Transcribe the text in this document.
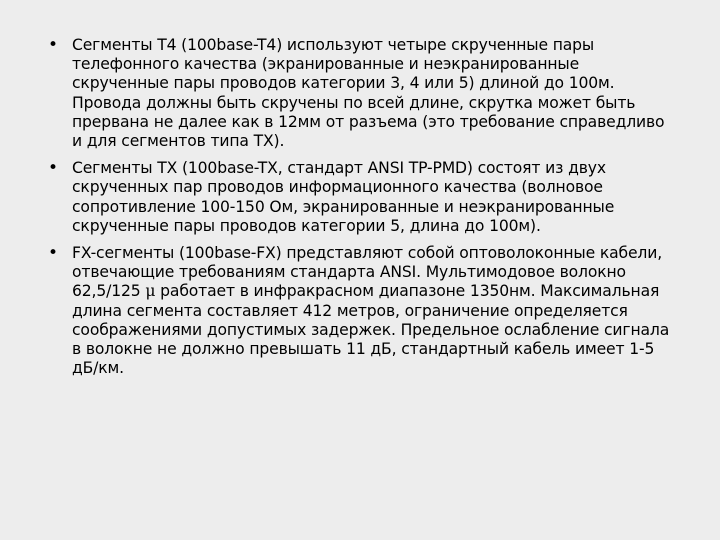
• Сегменты Т4 (100base-T4) используют четыре скрученные пары телефонного качества (экранированные и неэкранированные скрученные пары проводов категории 3, 4 или 5) длиной до 100м. Провода должны быть скручены по всей длине, скрутка может быть прервана не далее как в 12мм от разъема (это требование справедливо и для сегментов типа ТХ).
• Сегменты TX (100base-TX, стандарт ANSI TP-PMD) состоят из двух скрученных пар проводов информационного качества (волновое сопротивление 100-150 Ом, экранированные и неэкранированные скрученные пары проводов категории 5, длина до 100м).
• FX-сегменты (100base-FX) представляют собой оптоволоконные кабели, отвечающие требованиям стандарта ANSI. Мультимодовое волокно 62,5/125 μ работает в инфракрасном диапазоне 1350нм. Максимальная длина сегмента составляет 412 метров, ограничение определяется соображениями допустимых задержек. Предельное ослабление сигнала в волокне не должно превышать 11 дБ, стандартный кабель имеет 1-5 дБ/км.
